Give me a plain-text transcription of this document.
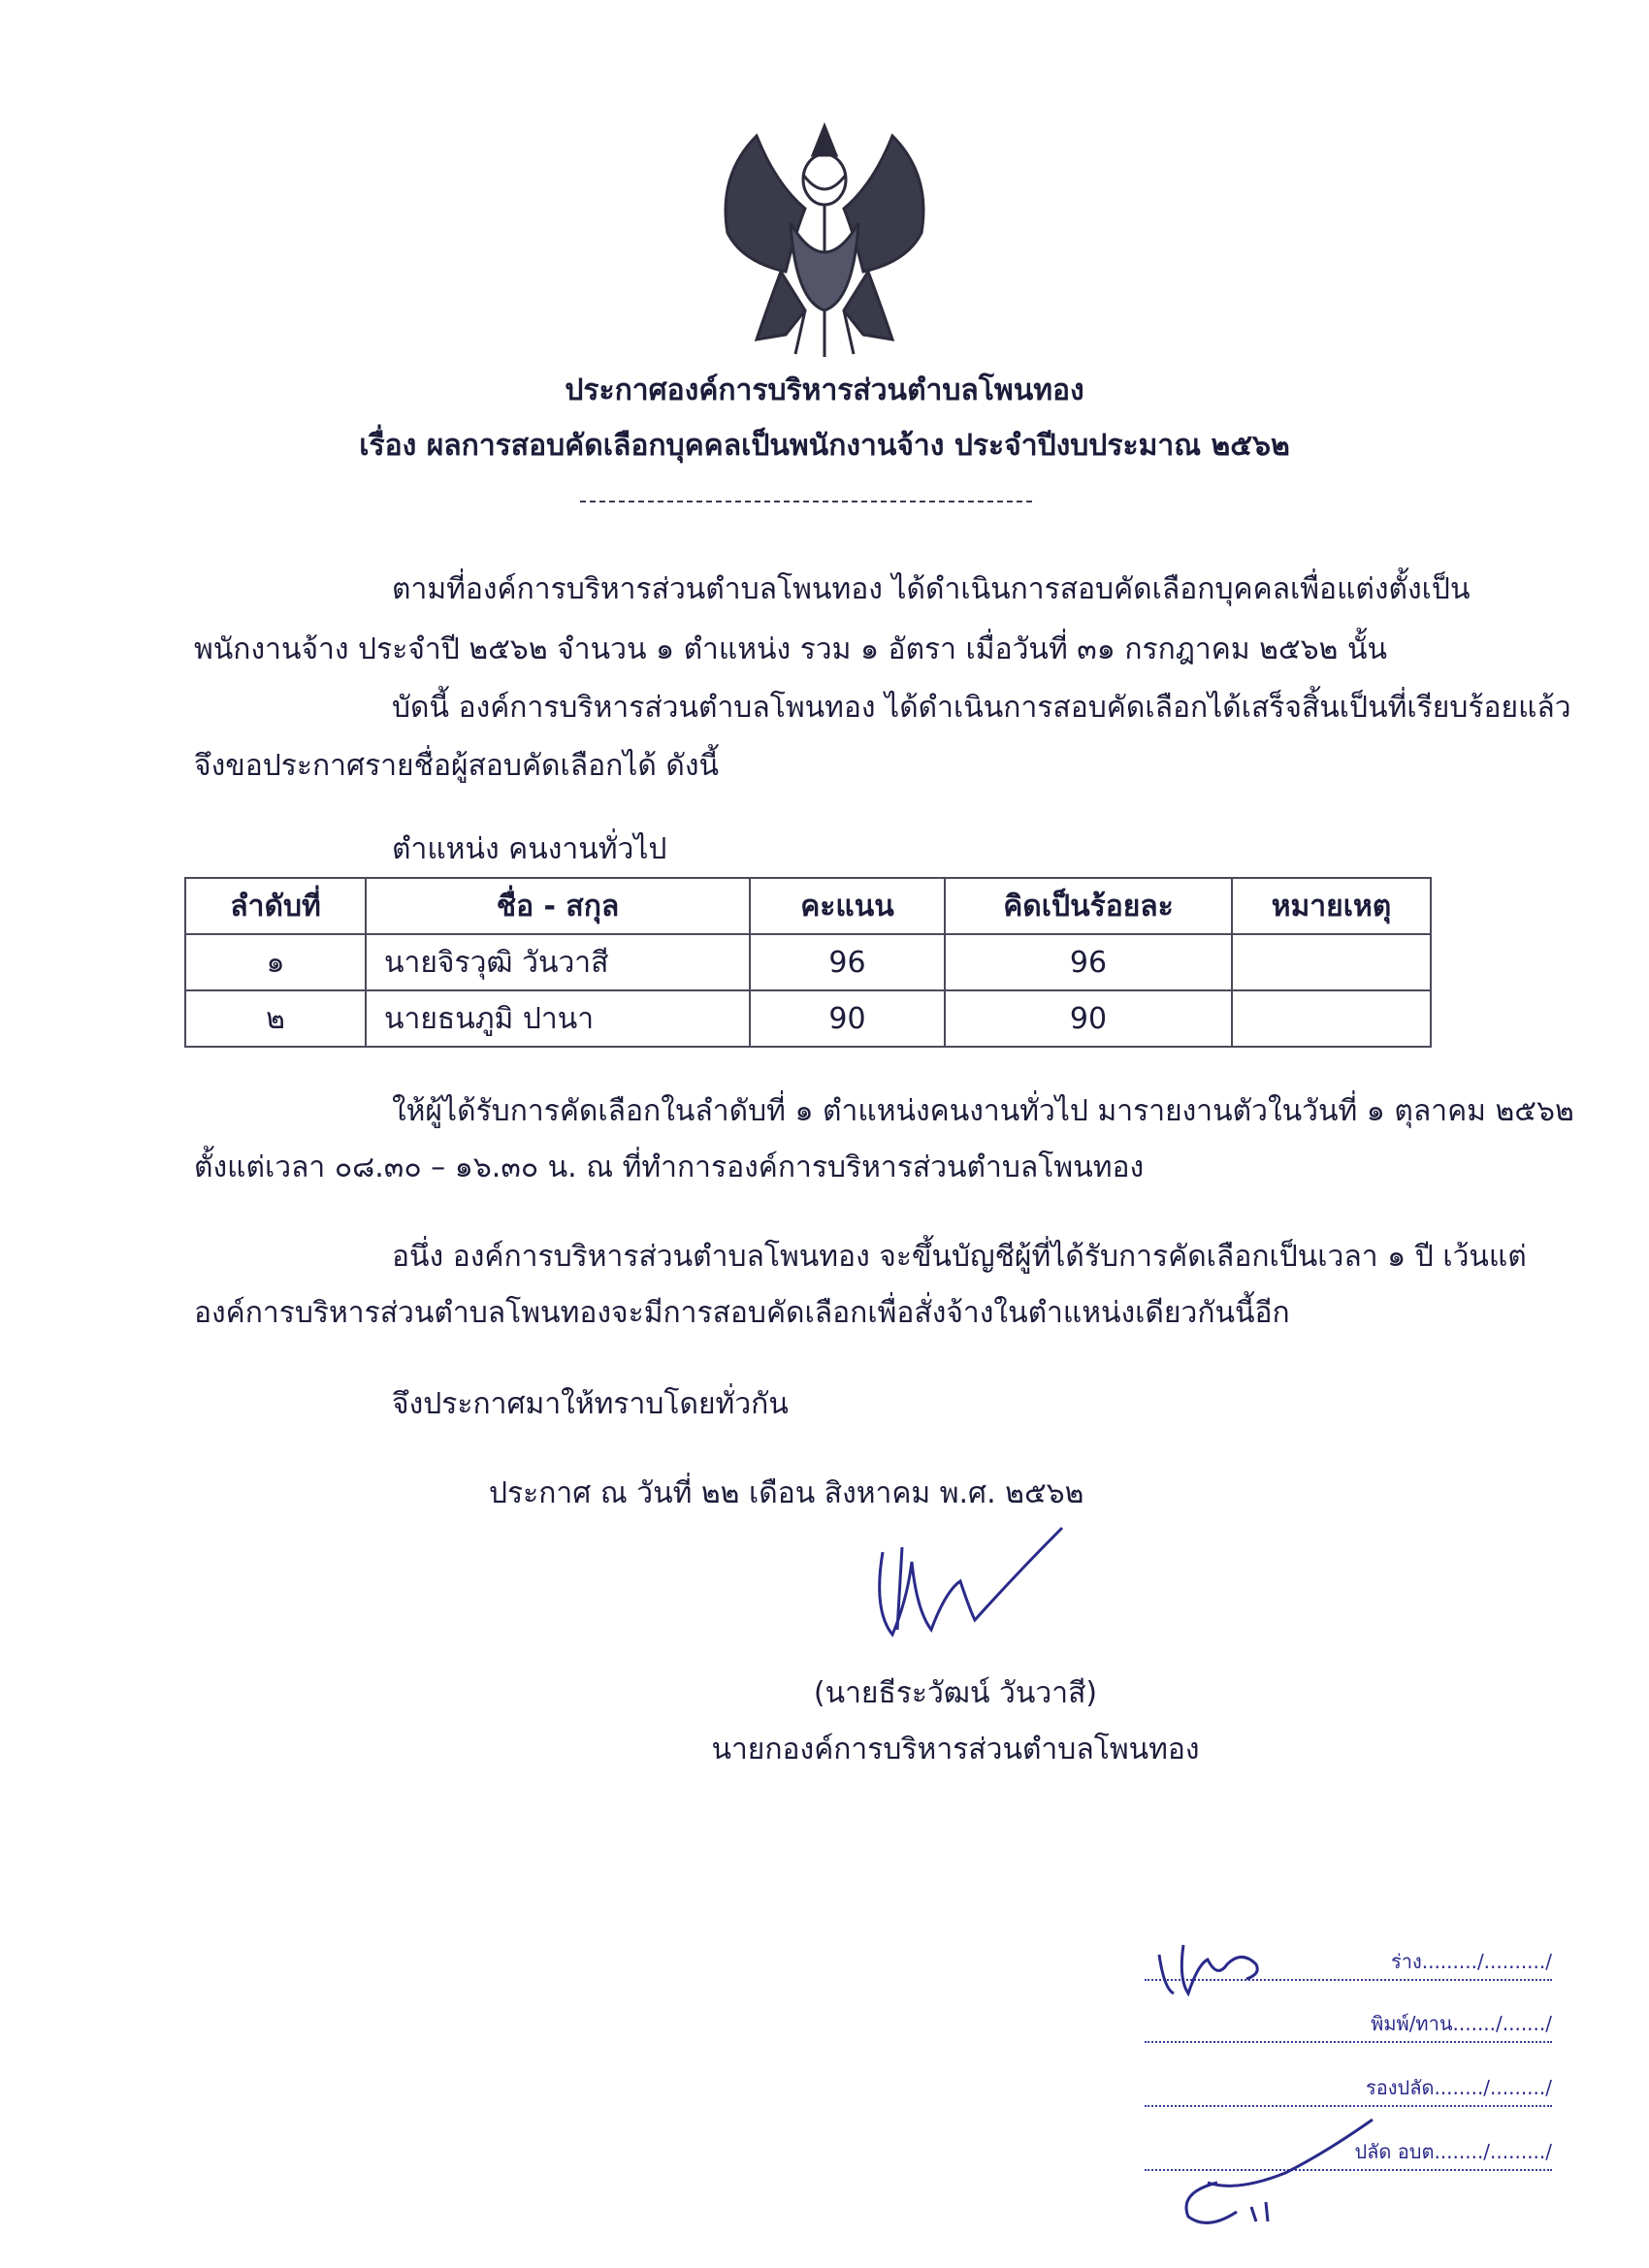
ประกาศองค์การบริหารส่วนตำบลโพนทอง
เรื่อง ผลการสอบคัดเลือกบุคคลเป็นพนักงานจ้าง ประจำปีงบประมาณ ๒๕๖๒
ตามที่องค์การบริหารส่วนตำบลโพนทอง ได้ดำเนินการสอบคัดเลือกบุคคลเพื่อแต่งตั้งเป็น
พนักงานจ้าง ประจำปี ๒๕๖๒ จำนวน ๑ ตำแหน่ง รวม ๑ อัตรา เมื่อวันที่ ๓๑ กรกฎาคม ๒๕๖๒ นั้น
บัดนี้ องค์การบริหารส่วนตำบลโพนทอง ได้ดำเนินการสอบคัดเลือกได้เสร็จสิ้นเป็นที่เรียบร้อยแล้ว
จึงขอประกาศรายชื่อผู้สอบคัดเลือกได้ ดังนี้
ตำแหน่ง คนงานทั่วไป
ลำดับที่	ชื่อ - สกุล	คะแนน	คิดเป็นร้อยละ	หมายเหตุ
๑	นายจิรวุฒิ วันวาสี	96	96	
๒	นายธนภูมิ ปานา	90	90	
ให้ผู้ได้รับการคัดเลือกในลำดับที่ ๑ ตำแหน่งคนงานทั่วไป มารายงานตัวในวันที่ ๑ ตุลาคม ๒๕๖๒
ตั้งแต่เวลา ๐๘.๓๐ – ๑๖.๓๐ น. ณ ที่ทำการองค์การบริหารส่วนตำบลโพนทอง
อนึ่ง องค์การบริหารส่วนตำบลโพนทอง จะขึ้นบัญชีผู้ที่ได้รับการคัดเลือกเป็นเวลา ๑ ปี เว้นแต่
องค์การบริหารส่วนตำบลโพนทองจะมีการสอบคัดเลือกเพื่อสั่งจ้างในตำแหน่งเดียวกันนี้อีก
จึงประกาศมาให้ทราบโดยทั่วกัน
ประกาศ ณ วันที่ ๒๒ เดือน สิงหาคม พ.ศ. ๒๕๖๒
(นายธีระวัฒน์ วันวาสี)
นายกองค์การบริหารส่วนตำบลโพนทอง
ร่าง........./........../
พิมพ์/ทาน......./......./
รองปลัด......../........./
ปลัด อบต......../........./
